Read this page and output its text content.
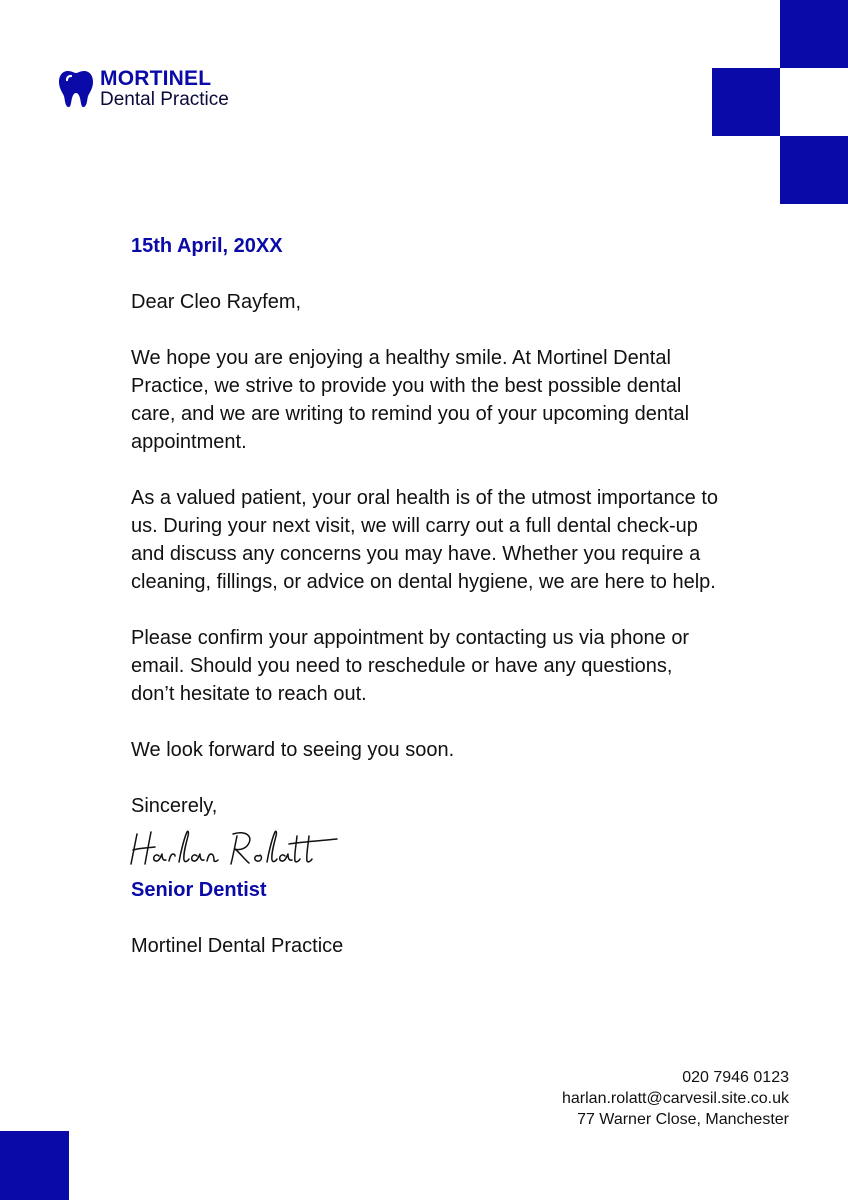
MORTINEL
Dental Practice

15th April, 20XX

Dear Cleo Rayfem,

We hope you are enjoying a healthy smile. At Mortinel Dental Practice, we strive to provide you with the best possible dental care, and we are writing to remind you of your upcoming dental appointment.

As a valued patient, your oral health is of the utmost importance to us. During your next visit, we will carry out a full dental check-up and discuss any concerns you may have. Whether you require a cleaning, fillings, or advice on dental hygiene, we are here to help.

Please confirm your appointment by contacting us via phone or email. Should you need to reschedule or have any questions, don’t hesitate to reach out.

We look forward to seeing you soon.

Sincerely,

Senior Dentist

Mortinel Dental Practice

020 7946 0123
harlan.rolatt@carvesil.site.co.uk
77 Warner Close, Manchester
